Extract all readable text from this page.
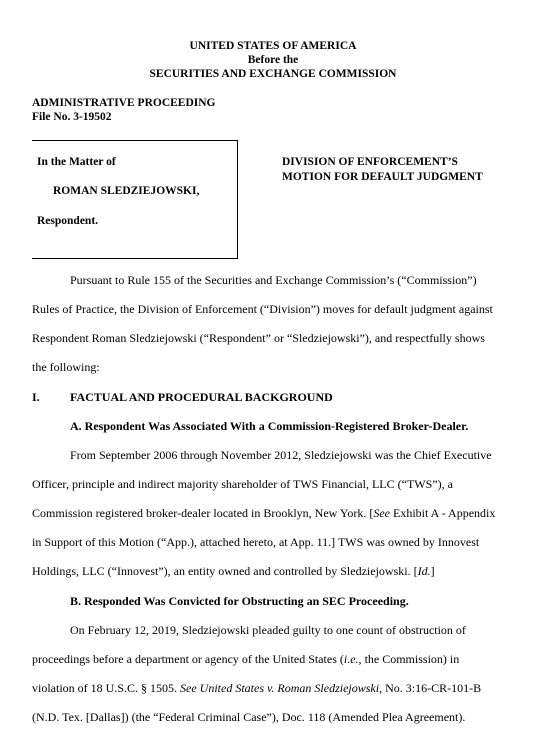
UNITED STATES OF AMERICA
Before the
SECURITIES AND EXCHANGE COMMISSION
ADMINISTRATIVE PROCEEDING
File No. 3-19502
In the Matter of
ROMAN SLEDZIEJOWSKI,
Respondent.
DIVISION OF ENFORCEMENT’S
MOTION FOR DEFAULT JUDGMENT
Pursuant to Rule 155 of the Securities and Exchange Commission’s (“Commission”)
Rules of Practice, the Division of Enforcement (“Division”) moves for default judgment against
Respondent Roman Sledziejowski (“Respondent” or “Sledziejowski”), and respectfully shows
the following:
I.	FACTUAL AND PROCEDURAL BACKGROUND
A. Respondent Was Associated With a Commission-Registered Broker-Dealer.
From September 2006 through November 2012, Sledziejowski was the Chief Executive
Officer, principle and indirect majority shareholder of TWS Financial, LLC (“TWS”), a
Commission registered broker-dealer located in Brooklyn, New York. [See Exhibit A - Appendix
in Support of this Motion (“App.), attached hereto, at App. 11.] TWS was owned by Innovest
Holdings, LLC (“Innovest”), an entity owned and controlled by Sledziejowski. [Id.]
B. Responded Was Convicted for Obstructing an SEC Proceeding.
On February 12, 2019, Sledziejowski pleaded guilty to one count of obstruction of
proceedings before a department or agency of the United States (i.e., the Commission) in
violation of 18 U.S.C. § 1505. See United States v. Roman Sledziejowski, No. 3:16-CR-101-B
(N.D. Tex. [Dallas]) (the “Federal Criminal Case”), Doc. 118 (Amended Plea Agreement).
